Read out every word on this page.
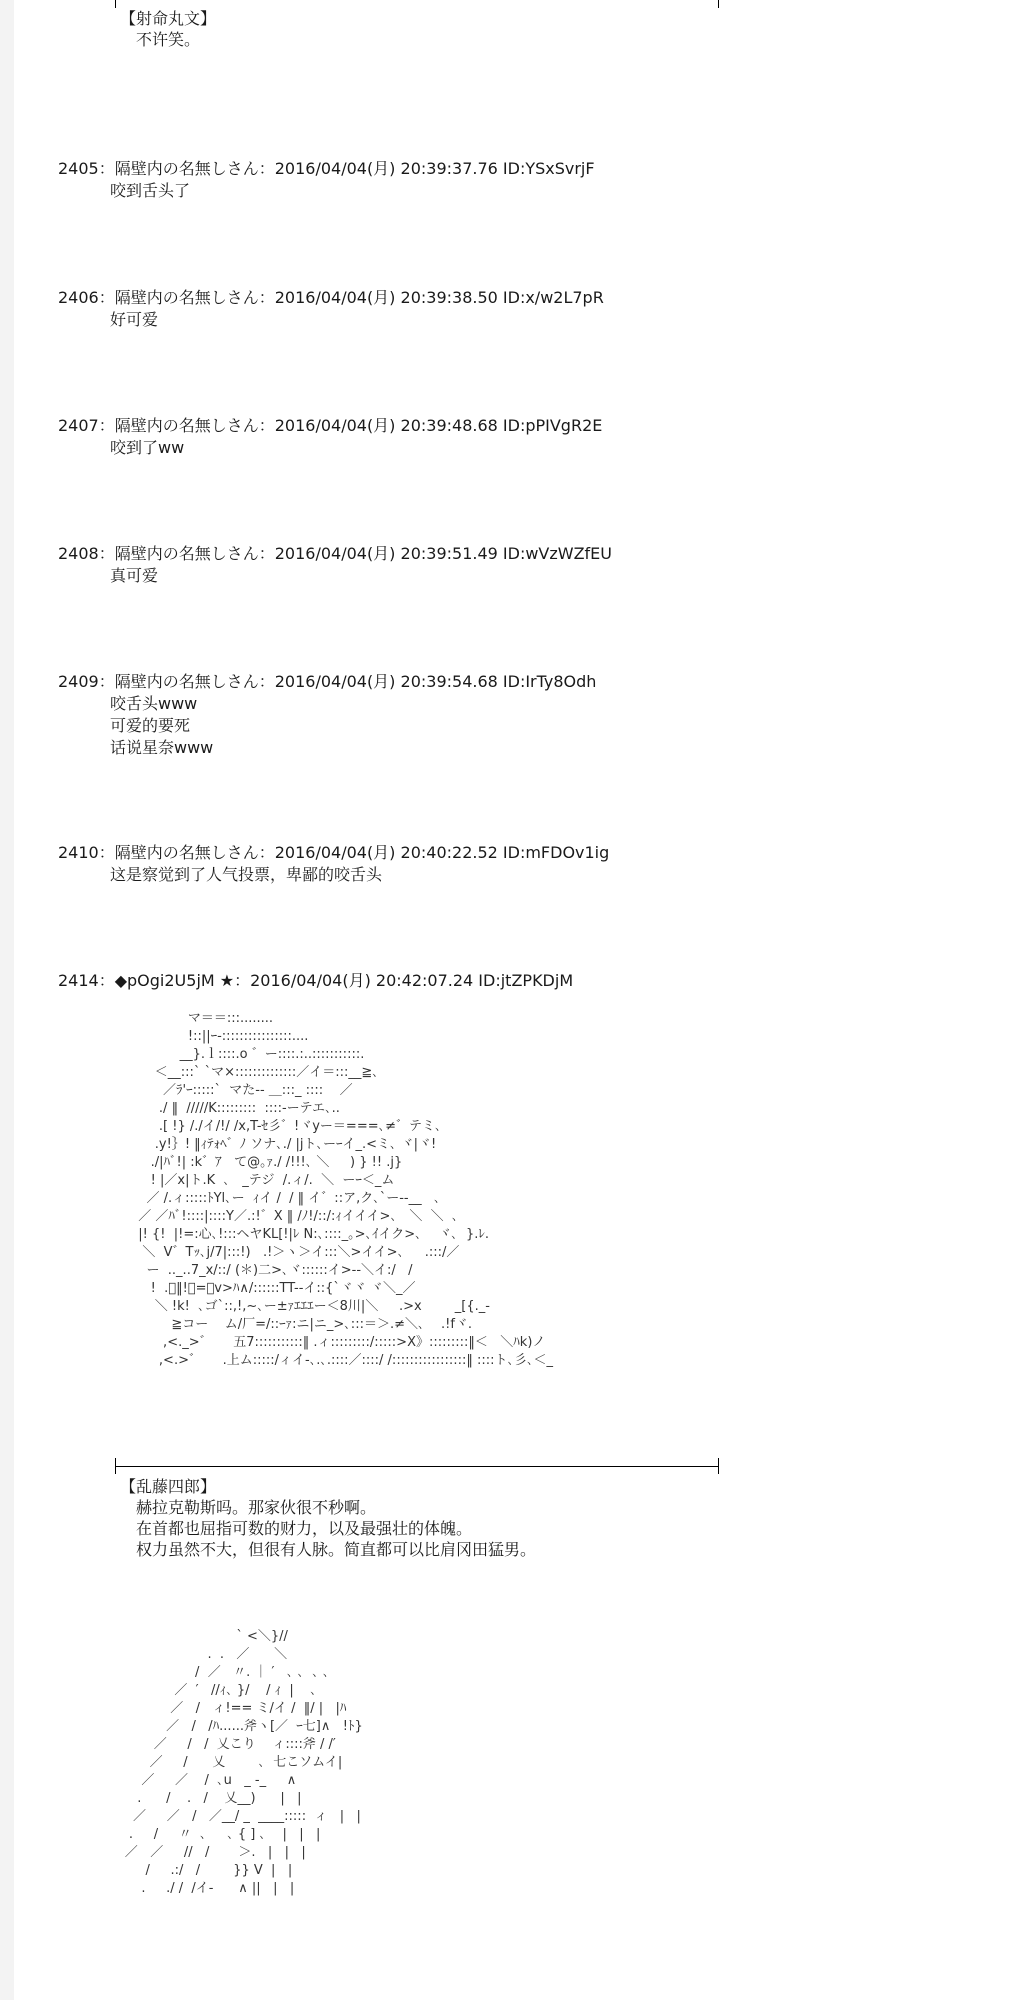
【射命丸文】
不许笑。
2405：隔壁内の名無しさん：2016/04/04(月) 20:39:37.76 ID:YSxSvrjF
咬到舌头了
2406：隔壁内の名無しさん：2016/04/04(月) 20:39:38.50 ID:x/w2L7pR
好可爱
2407：隔壁内の名無しさん：2016/04/04(月) 20:39:48.68 ID:pPIVgR2E
咬到了ww
2408：隔壁内の名無しさん：2016/04/04(月) 20:39:51.49 ID:wVzWZfEU
真可爱
2409：隔壁内の名無しさん：2016/04/04(月) 20:39:54.68 ID:IrTy8Odh
咬舌头www
可爱的要死
话说星奈www
2410：隔壁内の名無しさん：2016/04/04(月) 20:40:22.52 ID:mFDOv1ig
这是察觉到了人气投票，卑鄙的咬舌头
2414：◆pOgi2U5jM ★：2016/04/04(月) 20:42:07.24 ID:jtZPKDjM
マ＝＝:::........
!::||ｰ-::::::::::::::::....
__}.ｌ::::.o ゛ー::::.:..:::::::::::.
＜__:::` `マ×::::::::::::::／イ＝:::__≧､
／ﾗ'ｰ:::::`  マた-- ＿:::_ ::::    ／
./ ‖  /////K:::::::::  ::::-ーテエ､..
.[ !} /./イ/!/ /x,T-ｾ彡゛!ヾyー＝===､≠゛テミ､
.y!｝! ‖ｨﾃｫﾍ゛ﾉ ソナ､./ |jト､ーｰイ_.<ミ､ ヾ|ヾ!
./|ﾊﾞ!| :k゛ｱ   て@｡ｧ./ /!!!､ ＼     ) } !! .j}
! |／x|ト.K  ､   _テジ  /.ィ/.  ＼  ーｰ＜_ム
／ /.ィ:::::ﾄYl､ー  ｨイ /  / ‖ イ゛::ア,ク､`ー--__   ､
／ ／ﾊﾞ!::::|::::Y／.:!゛X ‖ /ﾉ!/::/:ｨイイイ>､   ＼  ＼  ､
|! {!  |!=:心､!:::ヘヤKL[!|ﾚ N:､::::_｡>､ｲイク>､    ヾ､  }.ﾚ.
＼  V゛Tｯ､j/7|:::!)   .!＞ヽ＞イ:::＼>イイ>､     .:::/／
ー  .._..7_x/::/ (＊)二>､ヾ::::::イ>--＼イ:/   /
!  .ﾞ‖!､=､v>ﾊ∧/::::::TT--イ::{`ヾヾ ヾ＼_／
＼ !k!  ､ゴ`::,!,~､ー±ｧｴｴｴー＜8川|＼     .>x        _[{._-
≧コー    ム/厂=/::ｰｧ:ニ|ニ_>､:::＝＞.≠＼､    .!fヾ.
,<._>゛     五7:::::::::::‖ .ィ:::::::::/:::::>X》:::::::::‖＜   ＼ﾊk)ノ
,<.>゛     .上ム:::::/ィイ-､.､.::::／::::/ /:::::::::::::::::‖ ::::ト､彡､＜_
【乱藤四郎】
赫拉克勒斯吗。那家伙很不秒啊。
在首都也屈指可数的财力，以及最强壮的体魄。
权力虽然不大，但很有人脉。简直都可以比肩冈田猛男。
` <＼}//
.  .   ／      ＼
/  ／   〃. ｜ ′   ､ ､  ､ ､
／  ′   //ｨ､ }/    / ｨ  |    ､
／   /   ィ!== ミ/イ /  ‖/ |   |ﾊ
／   /   /ﾊ......斧ヽ[／  ｰ七]∧   !ﾄ}
／     /   /  乂こり    ィ::::斧 / /′
／     /      乂        ､  七こソムイ|
／     ／    /  ､u   _ -_     ∧
.      /    .   /    乂__)      |   |
／     ／   /   ／__/ _  ____:::::  ィ   |   |
.     /     〃  ､     ､ { ] ､    |   |   |
／   ／     //   /       ＞.   |   |   |
/     .:/   /        }} V  |   |
.     ./ /  /イ-      ∧ ||   |   |
